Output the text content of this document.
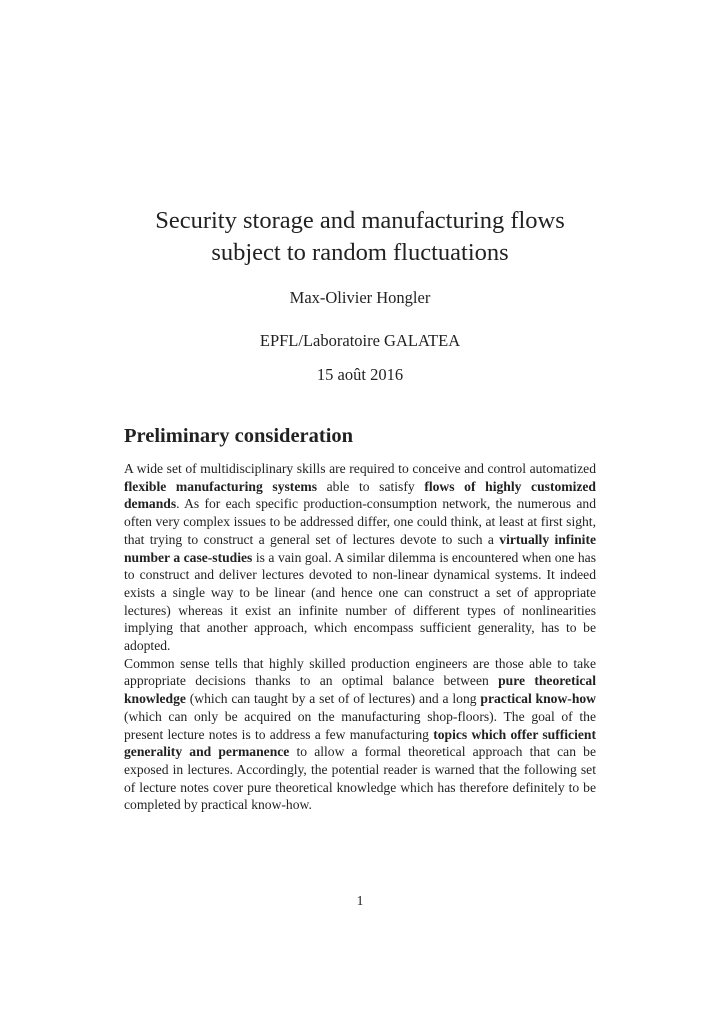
Security storage and manufacturing flows
subject to random fluctuations

Max-Olivier Hongler

EPFL/Laboratoire GALATEA

15 août 2016

Preliminary consideration

A wide set of multidisciplinary skills are required to conceive and control automatized flexible manufacturing systems able to satisfy flows of highly customized demands. As for each specific production-consumption network, the numerous and often very complex issues to be addressed differ, one could think, at least at first sight, that trying to construct a general set of lectures devote to such a virtually infinite number a case-studies is a vain goal. A similar dilemma is encountered when one has to construct and deliver lectures devoted to non-linear dynamical systems. It indeed exists a single way to be linear (and hence one can construct a set of appropriate lectures) whereas it exist an infinite number of different types of nonlinearities implying that another approach, which encompass sufficient generality, has to be adopted.

Common sense tells that highly skilled production engineers are those able to take appropriate decisions thanks to an optimal balance between pure theoretical knowledge (which can taught by a set of of lectures) and a long practical know-how (which can only be acquired on the manufacturing shop-floors). The goal of the present lecture notes is to address a few manufacturing topics which offer sufficient generality and permanence to allow a formal theoretical approach that can be exposed in lectures. Accordingly, the potential reader is warned that the following set of lecture notes cover pure theoretical knowledge which has therefore definitely to be completed by practical know-how.

1
